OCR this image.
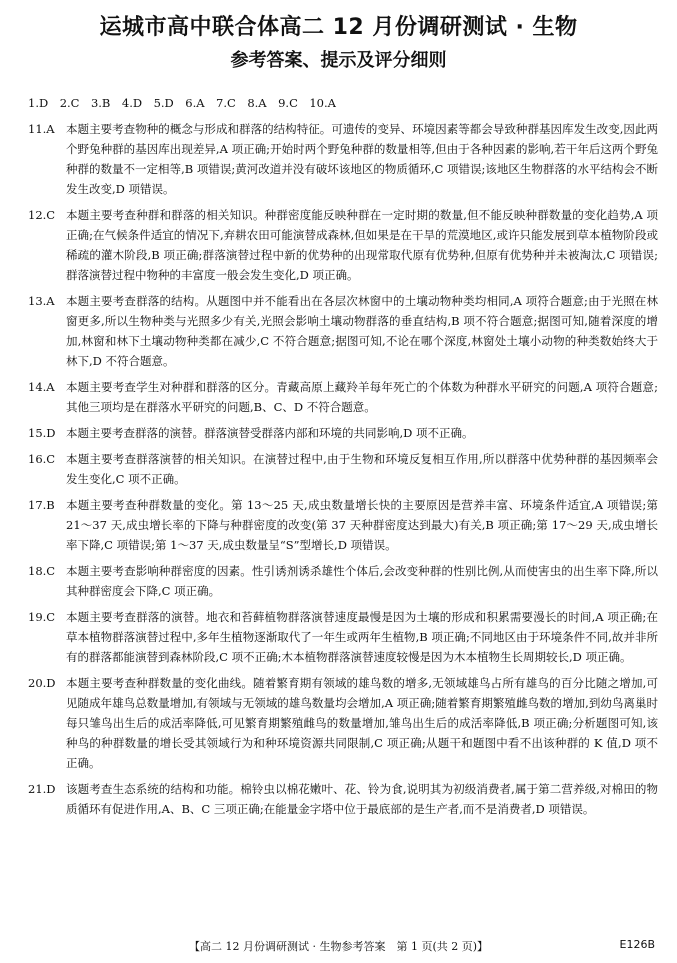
运城市高中联合体高二 12 月份调研测试 · 生物
参考答案、提示及评分细则
1.D　2.C　3.B　4.D　5.D　6.A　7.C　8.A　9.C　10.A
11.A 本题主要考查物种的概念与形成和群落的结构特征。可遗传的变异、环境因素等都会导致种群基因库发生改变,因此两个野兔种群的基因库出现差异,A 项正确;开始时两个野兔种群的数量相等,但由于各种因素的影响,若干年后这两个野兔种群的数量不一定相等,B 项错误;黄河改道并没有破坏该地区的物质循环,C 项错误;该地区生物群落的水平结构会不断发生改变,D 项错误。
12.C 本题主要考查种群和群落的相关知识。种群密度能反映种群在一定时期的数量,但不能反映种群数量的变化趋势,A 项正确;在气候条件适宜的情况下,弃耕农田可能演替成森林,但如果是在干旱的荒漠地区,或许只能发展到草本植物阶段或稀疏的灌木阶段,B 项正确;群落演替过程中新的优势种的出现常取代原有优势种,但原有优势种并未被淘汰,C 项错误;群落演替过程中物种的丰富度一般会发生变化,D 项正确。
13.A 本题主要考查群落的结构。从题图中并不能看出在各层次林窗中的土壤动物种类均相同,A 项符合题意;由于光照在林窗更多,所以生物种类与光照多少有关,光照会影响土壤动物群落的垂直结构,B 项不符合题意;据图可知,随着深度的增加,林窗和林下土壤动物种类都在减少,C 不符合题意;据图可知,不论在哪个深度,林窗处土壤小动物的种类数始终大于林下,D 不符合题意。
14.A 本题主要考查学生对种群和群落的区分。青藏高原上藏羚羊每年死亡的个体数为种群水平研究的问题,A 项符合题意;其他三项均是在群落水平研究的问题,B、C、D 不符合题意。
15.D 本题主要考查群落的演替。群落演替受群落内部和环境的共同影响,D 项不正确。
16.C 本题主要考查群落演替的相关知识。在演替过程中,由于生物和环境反复相互作用,所以群落中优势种群的基因频率会发生变化,C 项不正确。
17.B 本题主要考查种群数量的变化。第 13～25 天,成虫数量增长快的主要原因是营养丰富、环境条件适宜,A 项错误;第 21～37 天,成虫增长率的下降与种群密度的改变(第 37 天种群密度达到最大)有关,B 项正确;第 17～29 天,成虫增长率下降,C 项错误;第 1～37 天,成虫数量呈“S”型增长,D 项错误。
18.C 本题主要考查影响种群密度的因素。性引诱剂诱杀雄性个体后,会改变种群的性别比例,从而使害虫的出生率下降,所以其种群密度会下降,C 项正确。
19.C 本题主要考查群落的演替。地衣和苔藓植物群落演替速度最慢是因为土壤的形成和积累需要漫长的时间,A 项正确;在草本植物群落演替过程中,多年生植物逐渐取代了一年生或两年生植物,B 项正确;不同地区由于环境条件不同,故并非所有的群落都能演替到森林阶段,C 项不正确;木本植物群落演替速度较慢是因为木本植物生长周期较长,D 项正确。
20.D 本题主要考查种群数量的变化曲线。随着繁育期有领域的雄鸟数的增多,无领域雄鸟占所有雄鸟的百分比随之增加,可见随成年雄鸟总数量增加,有领域与无领域的雄鸟数量均会增加,A 项正确;随着繁育期繁殖雌鸟数的增加,到幼鸟离巢时每只雏鸟出生后的成活率降低,可见繁育期繁殖雌鸟的数量增加,雏鸟出生后的成活率降低,B 项正确;分析题图可知,该种鸟的种群数量的增长受其领域行为和种环境资源共同限制,C 项正确;从题干和题图中看不出该种群的 K 值,D 项不正确。
21.D 该题考查生态系统的结构和功能。棉铃虫以棉花嫩叶、花、铃为食,说明其为初级消费者,属于第二营养级,对棉田的物质循环有促进作用,A、B、C 三项正确;在能量金字塔中位于最底部的是生产者,而不是消费者,D 项错误。
【高二 12 月份调研测试 · 生物参考答案　第 1 页(共 2 页)】	E126B
